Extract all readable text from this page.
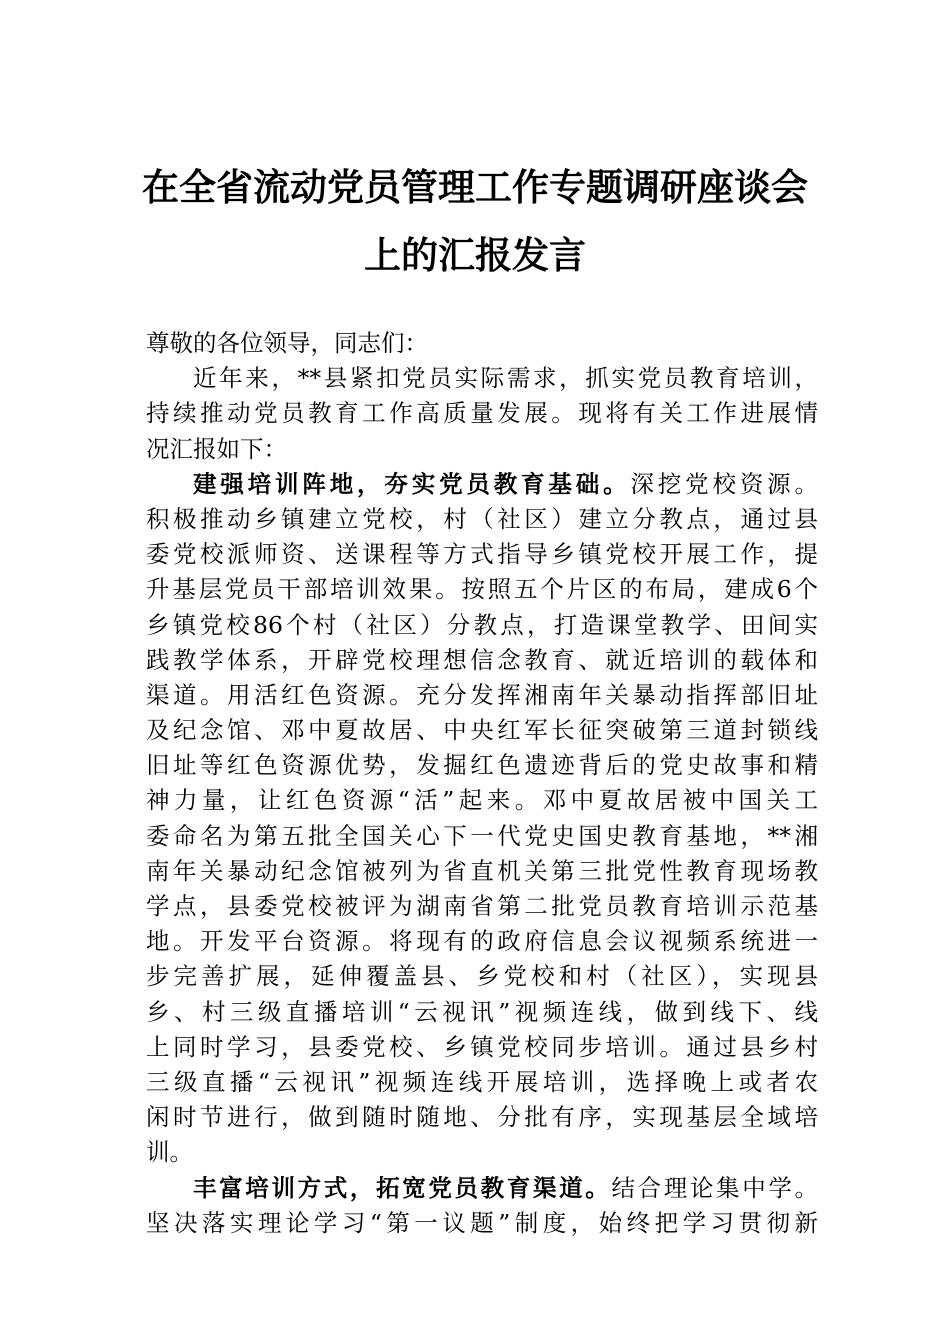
在全省流动党员管理工作专题调研座谈会
上的汇报发言
尊敬的各位领导，同志们：
近年来，**县紧扣党员实际需求，抓实党员教育培训，
持续推动党员教育工作高质量发展。现将有关工作进展情
况汇报如下：
建强培训阵地，夯实党员教育基础。深挖党校资源。
积极推动乡镇建立党校，村（社区）建立分教点，通过县
委党校派师资、送课程等方式指导乡镇党校开展工作，提
升基层党员干部培训效果。按照五个片区的布局，建成6个
乡镇党校86个村（社区）分教点，打造课堂教学、田间实
践教学体系，开辟党校理想信念教育、就近培训的载体和
渠道。用活红色资源。充分发挥湘南年关暴动指挥部旧址
及纪念馆、邓中夏故居、中央红军长征突破第三道封锁线
旧址等红色资源优势，发掘红色遗迹背后的党史故事和精
神力量，让红色资源“活”起来。邓中夏故居被中国关工
委命名为第五批全国关心下一代党史国史教育基地，**湘
南年关暴动纪念馆被列为省直机关第三批党性教育现场教
学点，县委党校被评为湖南省第二批党员教育培训示范基
地。开发平台资源。将现有的政府信息会议视频系统进一
步完善扩展，延伸覆盖县、乡党校和村（社区），实现县
乡、村三级直播培训“云视讯”视频连线，做到线下、线
上同时学习，县委党校、乡镇党校同步培训。通过县乡村
三级直播“云视讯”视频连线开展培训，选择晚上或者农
闲时节进行，做到随时随地、分批有序，实现基层全域培
训。
丰富培训方式，拓宽党员教育渠道。结合理论集中学。
坚决落实理论学习“第一议题”制度，始终把学习贯彻新
